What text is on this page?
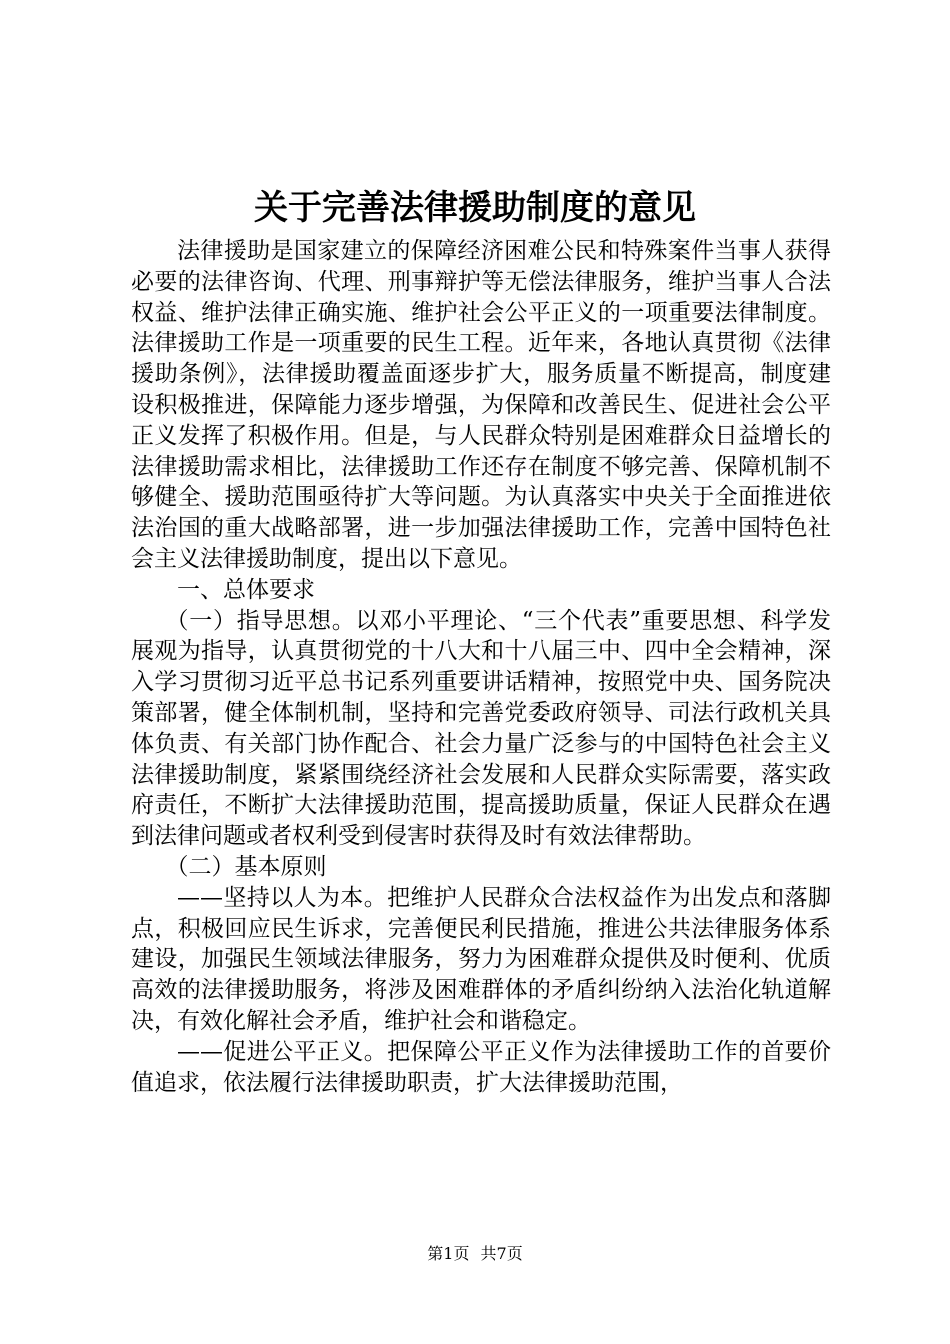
关于完善法律援助制度的意见

法律援助是国家建立的保障经济困难公民和特殊案件当事人获得必要的法律咨询、代理、刑事辩护等无偿法律服务，维护当事人合法权益、维护法律正确实施、维护社会公平正义的一项重要法律制度。法律援助工作是一项重要的民生工程。近年来，各地认真贯彻《法律援助条例》，法律援助覆盖面逐步扩大，服务质量不断提高，制度建设积极推进，保障能力逐步增强，为保障和改善民生、促进社会公平正义发挥了积极作用。但是，与人民群众特别是困难群众日益增长的法律援助需求相比，法律援助工作还存在制度不够完善、保障机制不够健全、援助范围亟待扩大等问题。为认真落实中央关于全面推进依法治国的重大战略部署，进一步加强法律援助工作，完善中国特色社会主义法律援助制度，提出以下意见。

一、总体要求

（一）指导思想。以邓小平理论、“三个代表”重要思想、科学发展观为指导，认真贯彻党的十八大和十八届三中、四中全会精神，深入学习贯彻习近平总书记系列重要讲话精神，按照党中央、国务院决策部署，健全体制机制，坚持和完善党委政府领导、司法行政机关具体负责、有关部门协作配合、社会力量广泛参与的中国特色社会主义法律援助制度，紧紧围绕经济社会发展和人民群众实际需要，落实政府责任，不断扩大法律援助范围，提高援助质量，保证人民群众在遇到法律问题或者权利受到侵害时获得及时有效法律帮助。

（二）基本原则

——坚持以人为本。把维护人民群众合法权益作为出发点和落脚点，积极回应民生诉求，完善便民利民措施，推进公共法律服务体系建设，加强民生领域法律服务，努力为困难群众提供及时便利、优质高效的法律援助服务，将涉及困难群体的矛盾纠纷纳入法治化轨道解决，有效化解社会矛盾，维护社会和谐稳定。

——促进公平正义。把保障公平正义作为法律援助工作的首要价值追求，依法履行法律援助职责，扩大法律援助范围，

第1页 共7页
